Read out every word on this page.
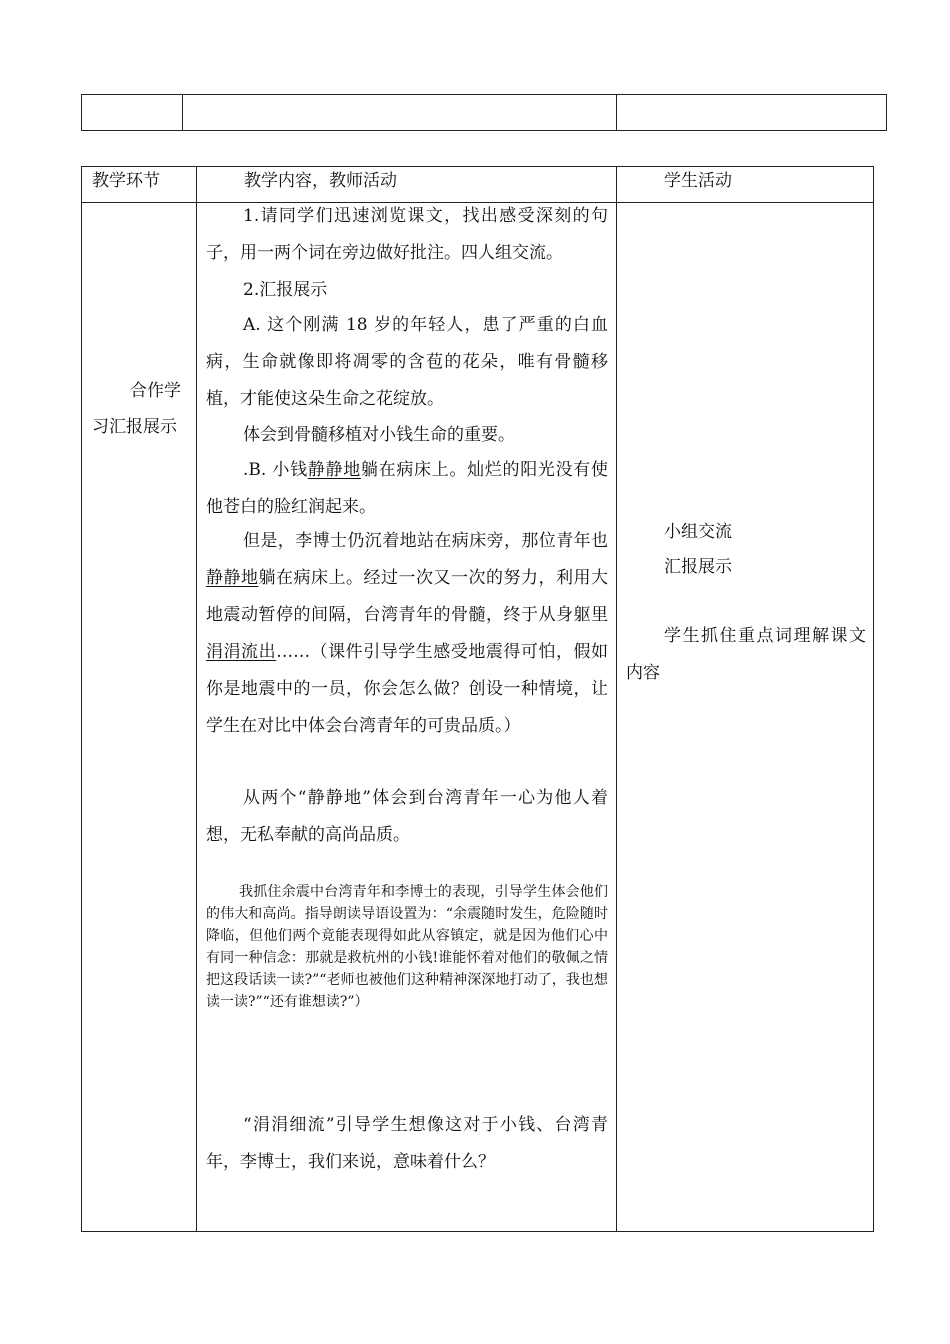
教学环节	教学内容，教师活动	学生活动
合作学
习汇报展示
1.请同学们迅速浏览课文，找出感受深刻的句子，用一两个词在旁边做好批注。四人组交流。
2.汇报展示
A. 这个刚满 18 岁的年轻人，患了严重的白血病，生命就像即将凋零的含苞的花朵，唯有骨髓移植，才能使这朵生命之花绽放。
体会到骨髓移植对小钱生命的重要。
.B. 小钱静静地躺在病床上。灿烂的阳光没有使他苍白的脸红润起来。
但是，李博士仍沉着地站在病床旁，那位青年也静静地躺在病床上。经过一次又一次的努力，利用大地震动暂停的间隔，台湾青年的骨髓，终于从身躯里涓涓流出……（课件引导学生感受地震得可怕，假如你是地震中的一员，你会怎么做？创设一种情境，让学生在对比中体会台湾青年的可贵品质。）
从两个“静静地”体会到台湾青年一心为他人着想，无私奉献的高尚品质。
我抓住余震中台湾青年和李博士的表现，引导学生体会他们的伟大和高尚。指导朗读导语设置为：“余震随时发生，危险随时降临，但他们两个竟能表现得如此从容镇定，就是因为他们心中有同一种信念：那就是救杭州的小钱!谁能怀着对他们的敬佩之情把这段话读一读?”“老师也被他们这种精神深深地打动了，我也想读一读?”“还有谁想读?”）
“涓涓细流”引导学生想像这对于小钱、台湾青年，李博士，我们来说，意味着什么？
小组交流
汇报展示
学生抓住重点词理解课文内容
